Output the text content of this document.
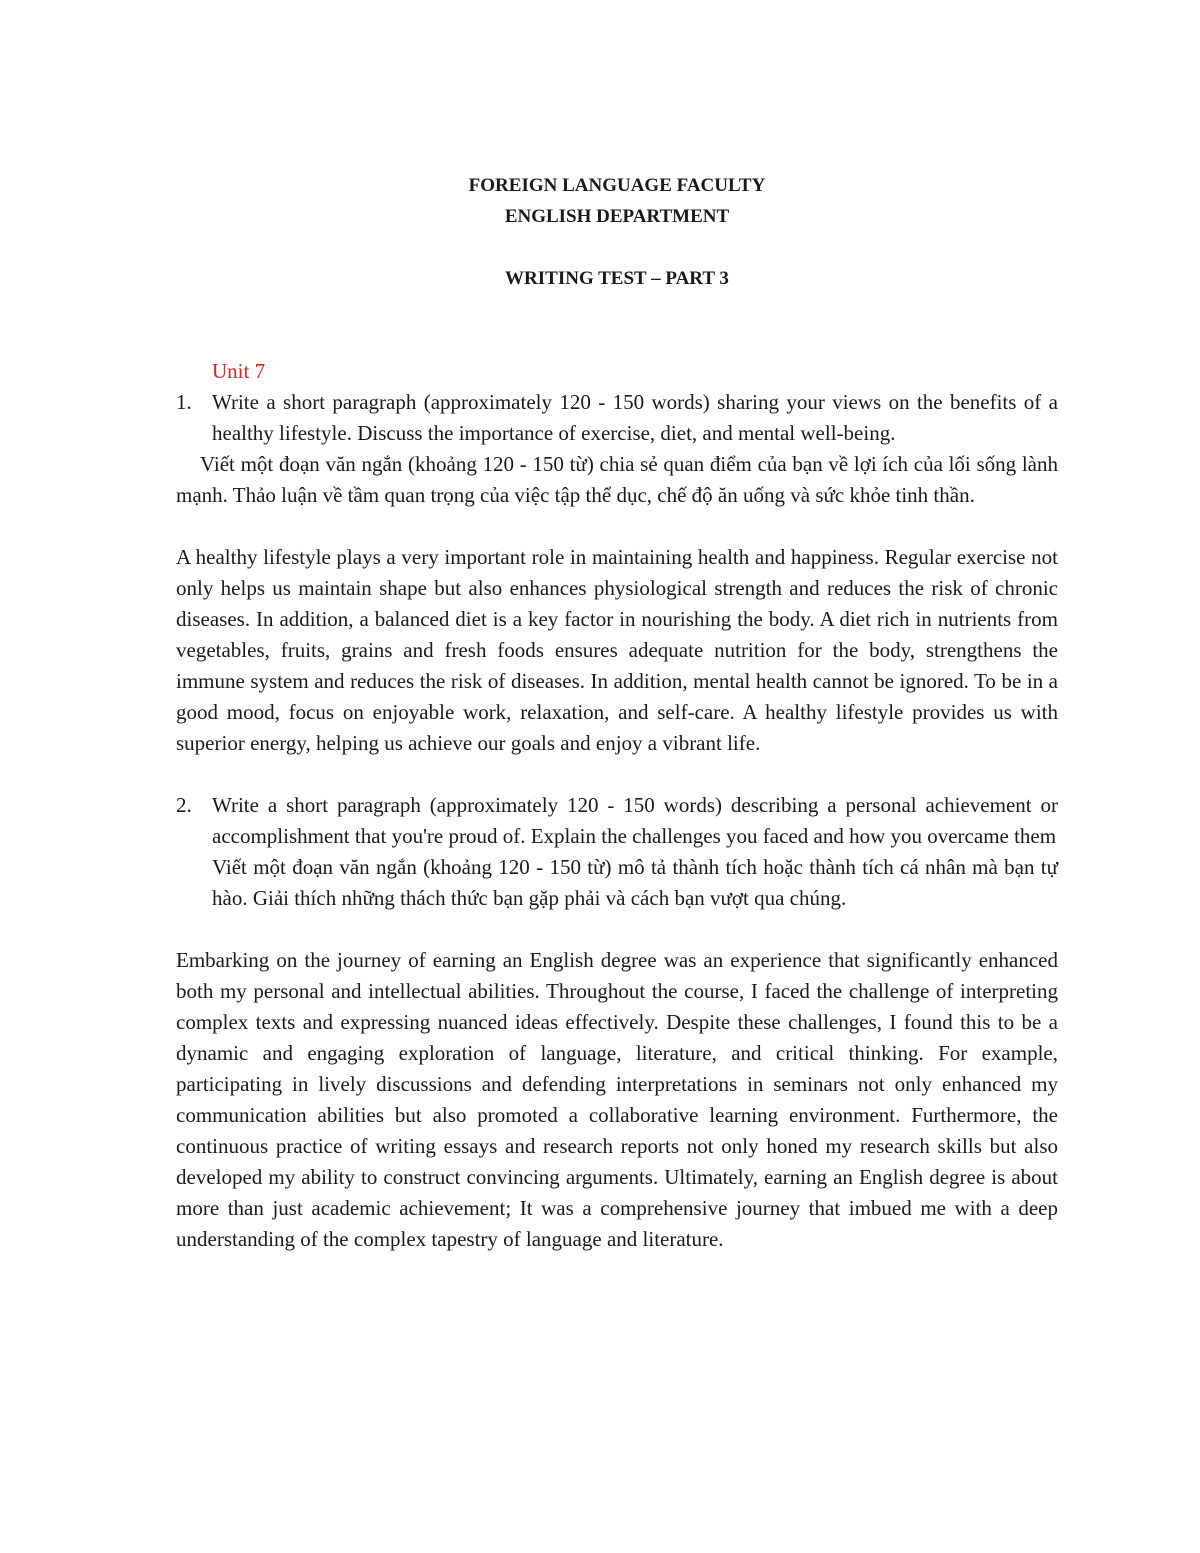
FOREIGN LANGUAGE FACULTY
ENGLISH DEPARTMENT
WRITING TEST – PART 3
Unit 7
1. Write a short paragraph (approximately 120 - 150 words) sharing your views on the benefits of a healthy lifestyle. Discuss the importance of exercise, diet, and mental well-being.
Viết một đoạn văn ngắn (khoảng 120 - 150 từ) chia sẻ quan điểm của bạn về lợi ích của lối sống lành mạnh. Thảo luận về tầm quan trọng của việc tập thể dục, chế độ ăn uống và sức khỏe tinh thần.
A healthy lifestyle plays a very important role in maintaining health and happiness. Regular exercise not only helps us maintain shape but also enhances physiological strength and reduces the risk of chronic diseases. In addition, a balanced diet is a key factor in nourishing the body. A diet rich in nutrients from vegetables, fruits, grains and fresh foods ensures adequate nutrition for the body, strengthens the immune system and reduces the risk of diseases. In addition, mental health cannot be ignored. To be in a good mood, focus on enjoyable work, relaxation, and self-care. A healthy lifestyle provides us with superior energy, helping us achieve our goals and enjoy a vibrant life.
2. Write a short paragraph (approximately 120 - 150 words) describing a personal achievement or accomplishment that you're proud of. Explain the challenges you faced and how you overcame them
Viết một đoạn văn ngắn (khoảng 120 - 150 từ) mô tả thành tích hoặc thành tích cá nhân mà bạn tự hào. Giải thích những thách thức bạn gặp phải và cách bạn vượt qua chúng.
Embarking on the journey of earning an English degree was an experience that significantly enhanced both my personal and intellectual abilities. Throughout the course, I faced the challenge of interpreting complex texts and expressing nuanced ideas effectively. Despite these challenges, I found this to be a dynamic and engaging exploration of language, literature, and critical thinking. For example, participating in lively discussions and defending interpretations in seminars not only enhanced my communication abilities but also promoted a collaborative learning environment. Furthermore, the continuous practice of writing essays and research reports not only honed my research skills but also developed my ability to construct convincing arguments. Ultimately, earning an English degree is about more than just academic achievement; It was a comprehensive journey that imbued me with a deep understanding of the complex tapestry of language and literature.
